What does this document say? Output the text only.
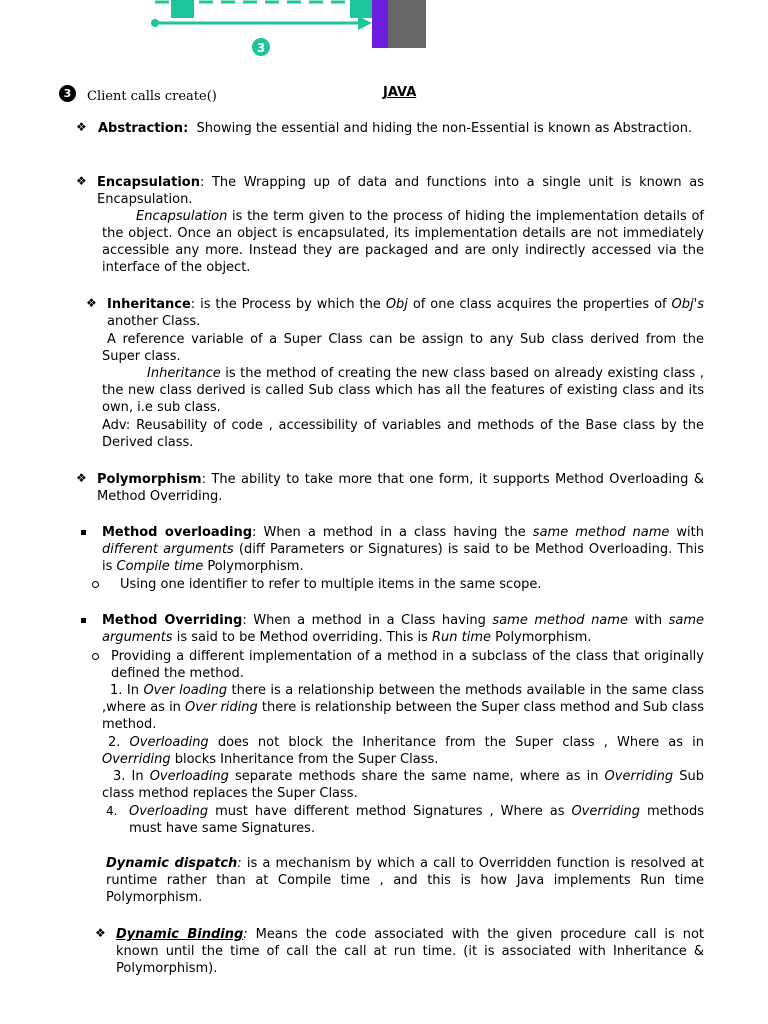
3
3	Client calls create()	JAVA
❖ Abstraction: Showing the essential and hiding the non-Essential is known as Abstraction.
❖ Encapsulation: The Wrapping up of data and functions into a single unit is known as Encapsulation.
Encapsulation is the term given to the process of hiding the implementation details of the object. Once an object is encapsulated, its implementation details are not immediately accessible any more. Instead they are packaged and are only indirectly accessed via the interface of the object.
❖ Inheritance: is the Process by which the Obj of one class acquires the properties of Obj's another Class.
A reference variable of a Super Class can be assign to any Sub class derived from the Super class.
Inheritance is the method of creating the new class based on already existing class , the new class derived is called Sub class which has all the features of existing class and its own, i.e sub class.
Adv: Reusability of code , accessibility of variables and methods of the Base class by the Derived class.
❖ Polymorphism: The ability to take more that one form, it supports Method Overloading & Method Overriding.
Method overloading: When a method in a class having the same method name with different arguments (diff Parameters or Signatures) is said to be Method Overloading. This is Compile time Polymorphism.
Using one identifier to refer to multiple items in the same scope.
Method Overriding: When a method in a Class having same method name with same arguments is said to be Method overriding. This is Run time Polymorphism.
Providing a different implementation of a method in a subclass of the class that originally defined the method.
1. In Over loading there is a relationship between the methods available in the same class ,where as in Over riding there is relationship between the Super class method and Sub class method.
2. Overloading does not block the Inheritance from the Super class , Where as in Overriding blocks Inheritance from the Super Class.
3. In Overloading separate methods share the same name, where as in Overriding Sub class method replaces the Super Class.
4. Overloading must have different method Signatures , Where as Overriding methods must have same Signatures.
Dynamic dispatch: is a mechanism by which a call to Overridden function is resolved at runtime rather than at Compile time , and this is how Java implements Run time Polymorphism.
❖ Dynamic Binding: Means the code associated with the given procedure call is not known until the time of call the call at run time. (it is associated with Inheritance & Polymorphism).
